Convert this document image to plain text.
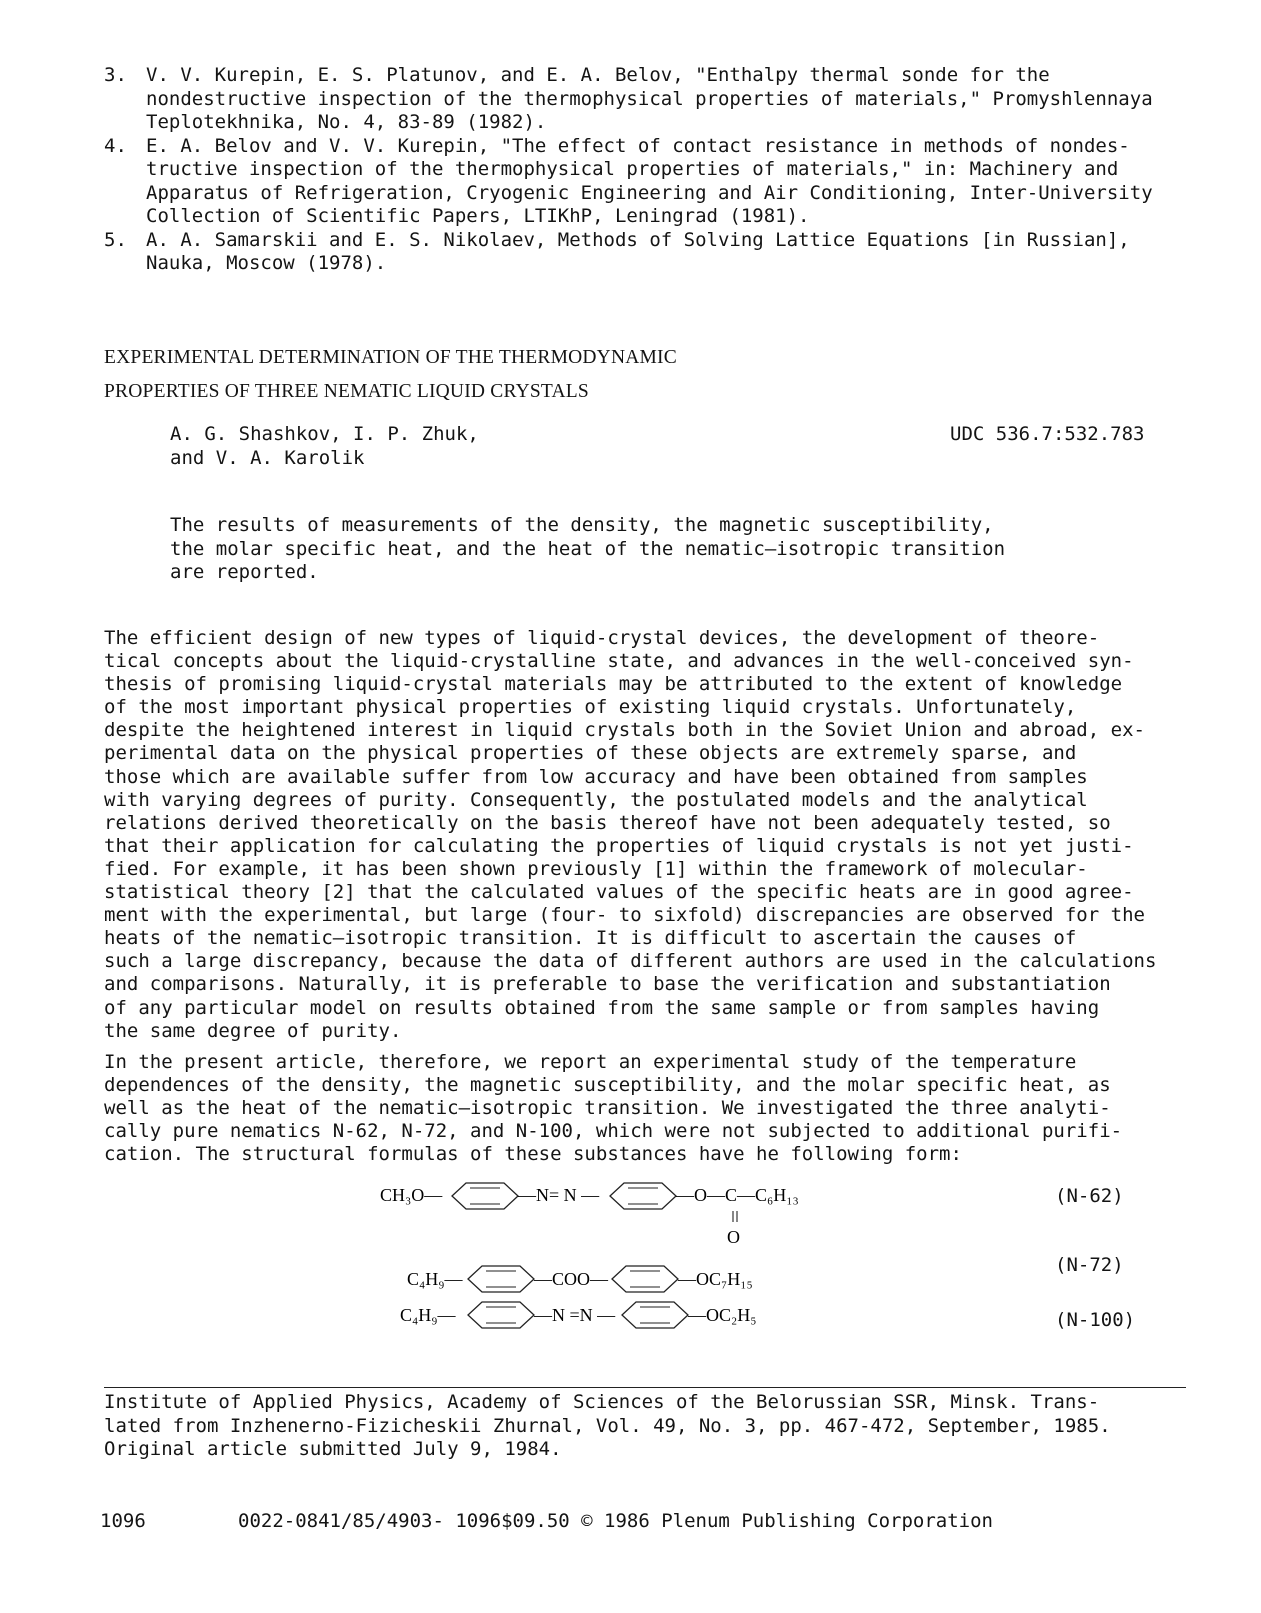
3.	V. V. Kurepin, E. S. Platunov, and E. A. Belov, "Enthalpy thermal sonde for the
nondestructive inspection of the thermophysical properties of materials," Promyshlennaya
Teplotekhnika, No. 4, 83-89 (1982).
4.	E. A. Belov and V. V. Kurepin, "The effect of contact resistance in methods of nondes-
tructive inspection of the thermophysical properties of materials," in: Machinery and
Apparatus of Refrigeration, Cryogenic Engineering and Air Conditioning, Inter-University
Collection of Scientific Papers, LTIKhP, Leningrad (1981).
5.	A. A. Samarskii and E. S. Nikolaev, Methods of Solving Lattice Equations [in Russian],
Nauka, Moscow (1978).
EXPERIMENTAL DETERMINATION OF THE THERMODYNAMIC
PROPERTIES OF THREE NEMATIC LIQUID CRYSTALS
A. G. Shashkov, I. P. Zhuk,
and V. A. Karolik
UDC 536.7:532.783
The results of measurements of the density, the magnetic susceptibility,
the molar specific heat, and the heat of the nematic—isotropic transition
are reported.
The efficient design of new types of liquid-crystal devices, the development of theore-
tical concepts about the liquid-crystalline state, and advances in the well-conceived syn-
thesis of promising liquid-crystal materials may be attributed to the extent of knowledge
of the most important physical properties of existing liquid crystals. Unfortunately,
despite the heightened interest in liquid crystals both in the Soviet Union and abroad, ex-
perimental data on the physical properties of these objects are extremely sparse, and
those which are available suffer from low accuracy and have been obtained from samples
with varying degrees of purity. Consequently, the postulated models and the analytical
relations derived theoretically on the basis thereof have not been adequately tested, so
that their application for calculating the properties of liquid crystals is not yet justi-
fied. For example, it has been shown previously [1] within the framework of molecular-
statistical theory [2] that the calculated values of the specific heats are in good agree-
ment with the experimental, but large (four- to sixfold) discrepancies are observed for the
heats of the nematic—isotropic transition. It is difficult to ascertain the causes of
such a large discrepancy, because the data of different authors are used in the calculations
and comparisons. Naturally, it is preferable to base the verification and substantiation
of any particular model on results obtained from the same sample or from samples having
the same degree of purity.
In the present article, therefore, we report an experimental study of the temperature
dependences of the density, the magnetic susceptibility, and the molar specific heat, as
well as the heat of the nematic—isotropic transition. We investigated the three analyti-
cally pure nematics N-62, N-72, and N-100, which were not subjected to additional purifi-
cation. The structural formulas of these substances have he following form:
CH₃O—	—N= N —	—O—C—C₆H₁₃
O
C₄H₉—	—COO—	—OC₇H₁₅
C₄H₉—	—N =N —	—OC₂H₅
(N-62)
(N-72)
(N-100)
Institute of Applied Physics, Academy of Sciences of the Belorussian SSR, Minsk. Trans-
lated from Inzhenerno-Fizicheskii Zhurnal, Vol. 49, No. 3, pp. 467-472, September, 1985.
Original article submitted July 9, 1984.
1096	0022-0841/85/4903- 1096$09.50 © 1986 Plenum Publishing Corporation
